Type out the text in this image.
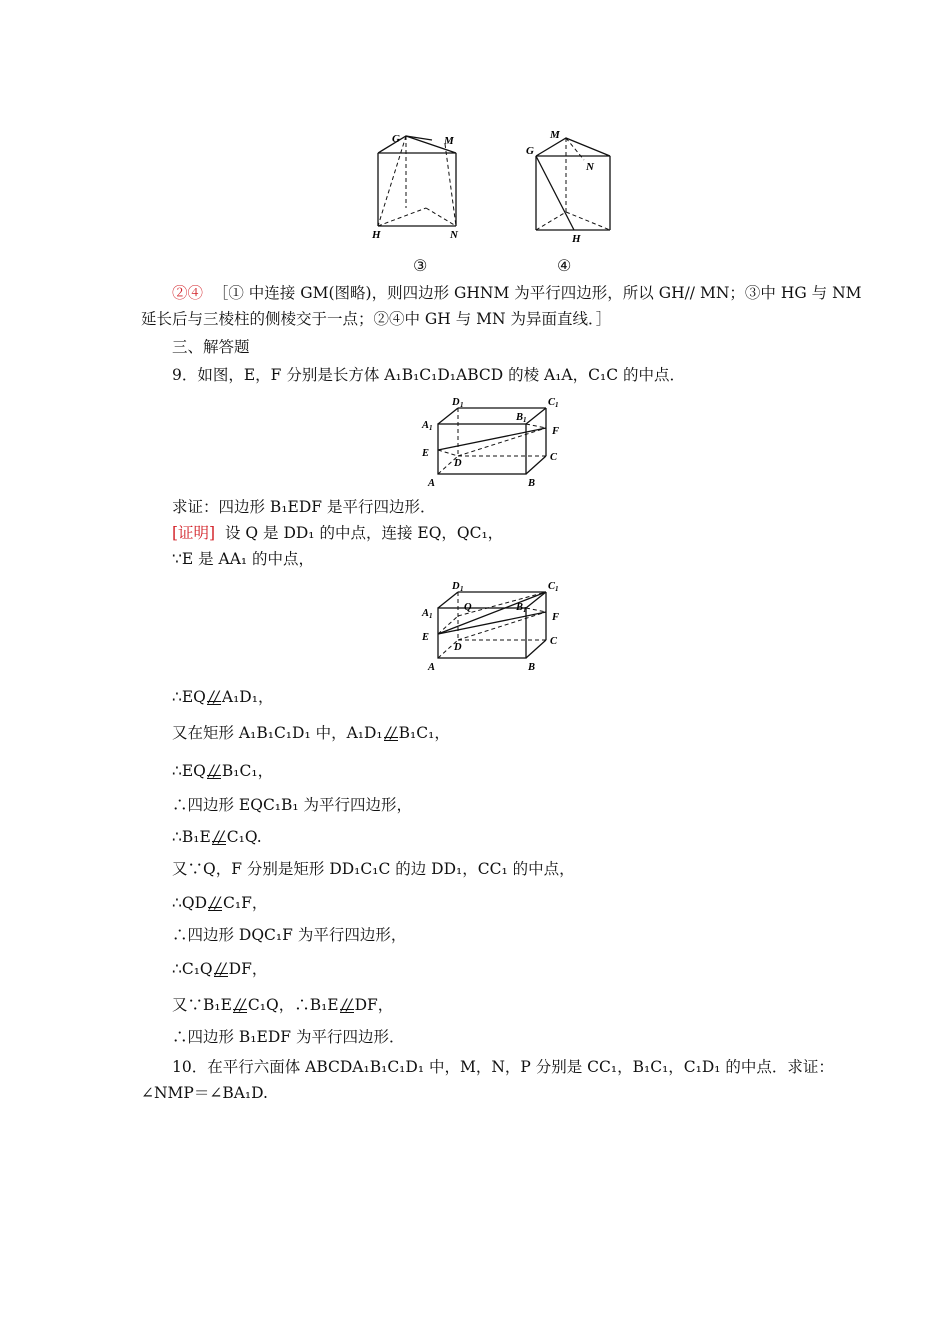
G	M
H	N
③
M
G
N
H
④
②④ ［① 中连接 GM(图略)，则四边形 GHNM 为平行四边形，所以 GH// MN；③中 HG 与 NM
延长后与三棱柱的侧棱交于一点；②④中 GH 与 MN 为异面直线．］
三、解答题
9．如图，E，F 分别是长方体 A₁B₁C₁D₁ABCD 的棱 A₁A，C₁C 的中点．
D 1	C 1
A 1
B 1
F
E
D
C
A	B
求证：四边形 B₁EDF 是平行四边形．
[证明] 设 Q 是 DD₁ 的中点，连接 EQ，QC₁，
∵E 是 AA₁ 的中点，
D 1	C 1
A 1
Q	B 1
F
E
D
C
A	B
∴EQ // A₁D₁，
又在矩形 A₁B₁C₁D₁ 中，A₁D₁ // B₁C₁，
∴EQ // B₁C₁，
∴四边形 EQC₁B₁ 为平行四边形，
∴B₁E // C₁Q.
又∵Q，F 分别是矩形 DD₁C₁C 的边 DD₁，CC₁ 的中点，
∴QD // C₁F，
∴四边形 DQC₁F 为平行四边形，
∴C₁Q // DF，
又∵B₁E // C₁Q，∴B₁E // DF，
∴四边形 B₁EDF 为平行四边形．
10．在平行六面体 ABCDA₁B₁C₁D₁ 中，M，N，P 分别是 CC₁，B₁C₁，C₁D₁ 的中点．求证：
∠NMP＝∠BA₁D.
